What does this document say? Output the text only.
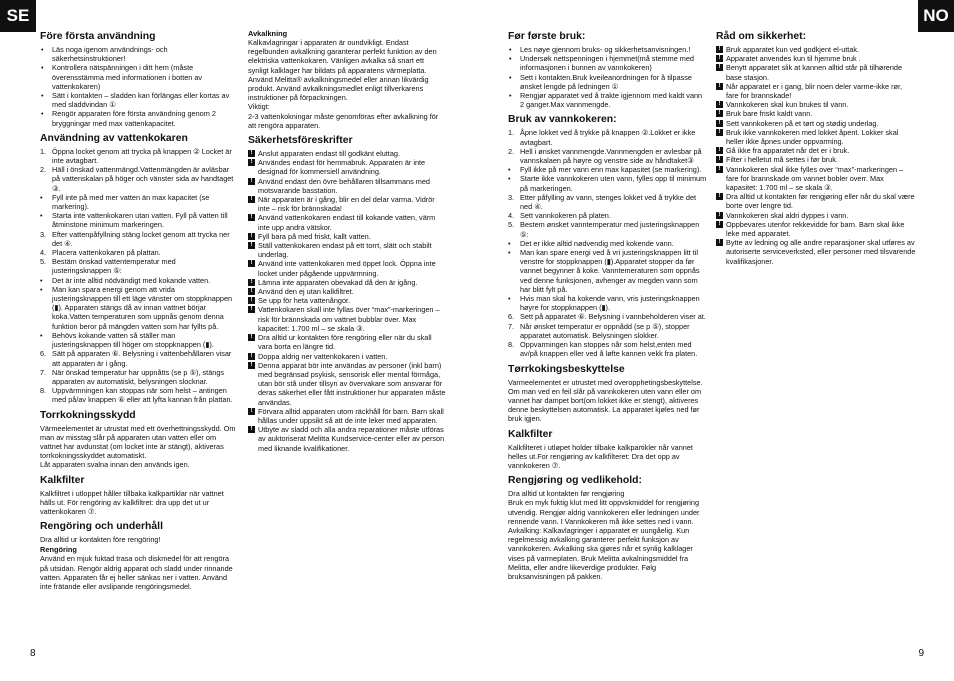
SE	NO
Före första användning
• Läs noga igenom användnings- och säkerhetsinstruktioner!
• Kontrollera nätspänningen i ditt hem (måste överensstämma med informationen i botten av vattenkokaren)
• Sätt i kontakten – sladden kan förlängas eller kortas av med sladdvindan ①
• Rengör apparaten före första användning genom 2 bryggningar med max vattenkapacitet.
Användning av vattenkokaren
1. Öppna locket genom att trycka på knappen ② Locket är inte avtagbart.
2. Häll i önskad vattenmängd.Vattenmängden är avläsbar på vattenskalan på höger och vänster sida av handtaget ③.
• Fyll inte på med mer vatten än max kapacitet (se markering).
• Starta inte vattenkokaren utan vatten. Fyll på vatten till åtminstone minimum markeringen.
3. Efter vattenpåfyllning stäng locket genom att trycka ner det ④.
4. Placera vattenkokaren på plattan.
5. Bestäm önskad vattentemperatur med justeringsknappen ⑤:
• Det är inte alltid nödvändigt med kokande vatten.
• Man kan spara energi genom att vrida justeringsknappen till ett läge vänster om stoppknappen (▮). Apparaten stängs då av innan vattnet börjar koka.Vatten temperaturen som uppnås genom denna funktion beror på mängden vatten som har fyllts på.
• Behövs kokande vatten så ställer man justeringsknappen till höger om stoppknappen (▮).
6. Sätt på apparaten ⑥. Belysning i vattenbehållaren visar att apparaten är i gång.
7. När önskad temperatur har uppnåtts (se p ⑤), stängs apparaten av automatiskt, belysningen slocknar.
8. Uppvärmningen kan stoppas när som helst – antingen med på/av knappen ⑥ eller att lyfta kannan från plattan.
Torrkokningsskydd

Värmeelementet är utrustat med ett överhettningsskydd. Om man av misstag slår på apparaten utan vatten eller om vattnet har avdunstat (om locket inte är stängt), aktiveras torrkokningsskyddet automatiskt.
Låt apparaten svalna innan den används igen.

Kalkfilter

Kalkfiltret i utloppet håller tillbaka kalkpartiklar när vattnet hälls ut. För rengöring av kalkfiltret: dra upp det ut ur vattenkokaren ⑦.

Rengöring och underhåll

Dra alltid ur kontakten före rengöring!

Rengöring

Använd en mjuk fuktad trasa och diskmedel för att rengöra på utsidan. Rengör aldrig apparat och sladd under rinnande vatten. Apparaten får ej heller sänkas ner i vatten. Använd inte frätande eller avslipande rengöringsmedel.

Avkalkning

Kalkavlagringar i apparaten är oundvikligt. Endast regelbunden avkalkning garanterar perfekt funktion av den elektriska vattenkokaren. Vänligen avkalka så snart ett synligt kalklager har bildats på apparatens värmeplatta. Använd Melitta® avkalkningsmedel eller annan likvärdig produkt. Använd avkalkningsmedlet enligt tillverkarens instruktioner på förpackningen.
Viktigt:
2-3 vattenkokningar måste genomföras efter avkalkning för att rengöra apparaten.

Säkerhetsföreskrifter
! Anslut apparaten endast till godkänt eluttag.
! Användes endast för hemmabruk. Apparaten är inte designad för kommersiell användning.
! Använd endast den övre behållaren tillsammans med motsvarande basstation.
! När apparaten är i gång, blir en del delar varma. Vidrör inte – risk för brännskada!
! Använd vattenkokaren endast till kokande vatten, värm inte upp andra vätskor.
! Fyll bara på med friskt, kallt vatten.
! Ställ vattenkokaren endast på ett torrt, slätt och stabilt underlag.
! Använd inte vattenkokaren med öppet lock. Öppna inte locket under pågående uppvärmning.
! Lämna inte apparaten obevakad då den är igång.
! Använd den ej utan kalkfiltret.
! Se upp för heta vattenångor.
! Vattenkokaren skall inte fyllas över “max”-markeringen – risk för brännskada om vattnet bubblar över. Max kapacitet: 1.700 ml – se skala ③.
! Dra alltid ur kontakten före rengöring eller när du skall vara borta en längre tid.
! Doppa aldrig ner vattenkokaren i vatten.
! Denna apparat bör inte användas av personer (inkl barn) med begränsad psykisk, sensorisk eller mental förmåga, utan bör stå under tillsyn av övervakare som ansvarar för deras säkerhet eller fått instruktioner hur apparaten måste användas.
! Förvara alltid apparaten utom räckhåll för barn. Barn skall hållas under uppsikt så att de inte leker med apparaten.
! Utbyte av sladd och alla andra reparationer måste utföras av auktoriserat Melitta Kundservice-center eller av person med liknande kvalifikationer.
Før første bruk:
• Les nøye gjennom bruks- og sikkerhetsanvisningen.!
• Undersøk nettspenningen i hjemmet(må stemme med informasjonen i bunnen av vannkokeren)
• Sett i kontakten.Bruk kveileanordningen for å tilpasse ønsket lengde på ledningen ①
• Rengjør apparatet ved å trakte igjennom med kaldt vann 2 ganger.Max vannmengde.
Bruk av vannkokeren:
1. Åpne lokket ved å trykke på knappen ②.Lokket er ikke avtagbart.
2. Hell i ønsket vannmengde.Vannmengden er avlesbar på vannskalaen på høyre og venstre side av håndtaket③
• Fyll ikke på mer vann enn max kapasitet (se markering).
• Starte ikke vannkokeren uten vann, fylles opp til minimum på markeringen.
3. Etter påfylling av vann, stenges lokket ved å trykke det ned ④.
4. Sett vannkokeren på platen.
5. Bestem ønsket vanntemperatur med justeringsknappen ⑤:
• Det er ikke alltid nødvendig med kokende vann.
• Man kan spare energi ved å vri justeringsknappen litt til venstre for stoppknappen (▮).Apparatet stopper da før vannet begynner å koke. Vanntemeraturen som oppnås ved denne funksjonen, avhenger av megden vann som har blitt fylt på.
• Hvis man skal ha kokende vann, vris justeringsknappen høyre for stoppknappen (▮).
6. Sett på apparatet ⑥. Belysning i vannbeholderen viser at.
7. Når ønsket temperatur er oppnådd (se p ⑤), stopper apparatet automatisk. Belysningen slokker.
8. Oppvarmingen kan stoppes når som helst,enten med av/på knappen eller ved å løfte kannen vekk fra platen.
Tørrkokingsbeskyttelse

Varmeelementet er utrustet med overopphetingsbeskyttelse. Om man ved en feil slår på vannkokeren uten vann eller om vannet har dampet bort(om lokket ikke er stengt), aktiveres denne beskyttelsen automatisk. La apparatet kjøles ned før bruk igjen.

Kalkfilter

Kalkfilteret i utløpet holder tilbake kalkpartikler når vannet helles ut.For rengjøring av kalkfilteret: Dra det opp av vannkokeren ⑦.

Rengjøring og vedlikehold:

Dra alltid ut kontakten før rengjøring
Bruk en myk fuktig klut med litt oppvskmiddel for rengjøring utvendig. Rengjør aldrig vannkokeren eller ledningen under rennende vann. I Vannkokeren må ikke settes ned i vann.
Avkalking: Kalkavlagringer i apparatet er uungåelig. Kun regelmessig avkalking garanterer perfekt funksjon av vannkokeren. Avkalking ska gjøres når et synlig kalklager vises på varmeplaten. Bruk Melitta avkalningsmiddel fra Melitta, eller andre likeverdige produkter. Følg bruksanvisningen på pakken.

Råd om sikkerhet:
! Bruk apparatet kun ved godkjent el-uttak.
! Apparatet anvendes kun til hjemme bruk .
! Benytt apparatet slik at kannen alltid står på tilhørende base stasjon.
! Når apparatet er i gang, blir noen deler varme-ikke rør, fare for brannskade!
! Vannkokeren skal kun brukes til vann.
! Bruk bare friskt kaldt vann.
! Sett vannkokeren på et tørt og stødig underlag.
! Bruk ikke vannkokeren med lokket åpent. Lokker skal heller ikke åpnes under oppvarming.
! Gå ikke fra apparatet når det er i bruk.
! Filter i helletut må settes i før bruk.
! Vannkokeren skal ikke fylles over “max”-markeringen – fare for brannskade om vannet bobler overr. Max kapasitet: 1.700 ml – se skala ③.
! Dra alltid ut kontakten før rengjøring eller når du skal være borte over lengre tid.
! Vannkokeren skal aldri dyppes i vann.
! Oppbevares utenfor rekkevidde for barn. Barn skal ikke leke med apparatet.
! Bytte av ledning og alle andre reparasjoner skal utføres av autoriserte serviceverksted, eller personer med tilsvarende kvalifikasjoner.
8	9
